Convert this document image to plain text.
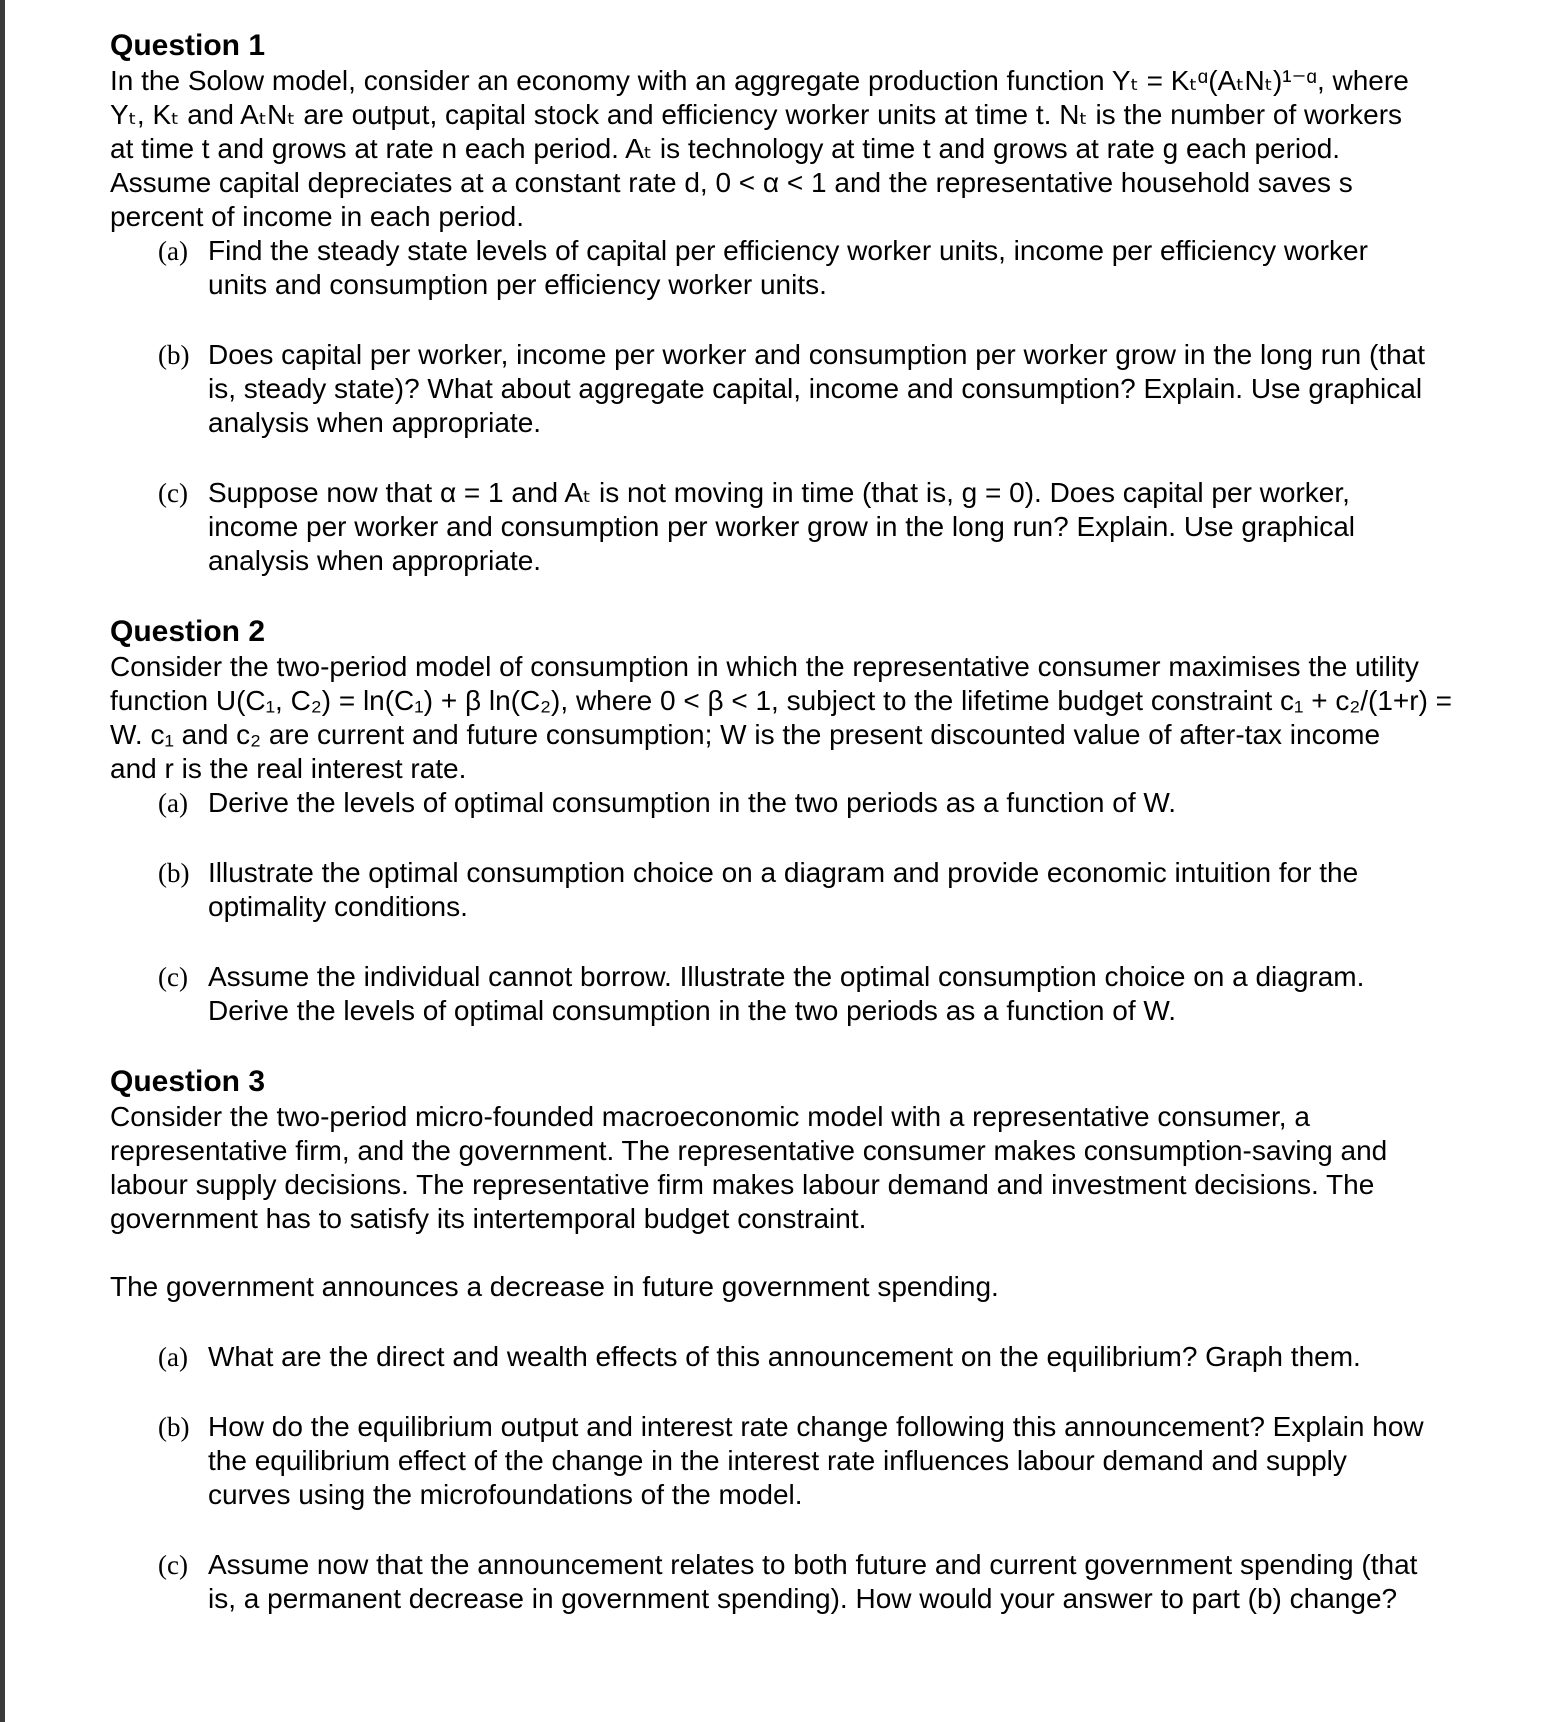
Question 1

In the Solow model, consider an economy with an aggregate production function Yₜ = Kₜᵅ(AₜNₜ)¹⁻ᵅ, where
Yₜ, Kₜ and AₜNₜ are output, capital stock and efficiency worker units at time t. Nₜ is the number of workers
at time t and grows at rate n each period. Aₜ is technology at time t and grows at rate g each period.
Assume capital depreciates at a constant rate d, 0 < α < 1 and the representative household saves s
percent of income in each period.

(a) Find the steady state levels of capital per efficiency worker units, income per efficiency worker
units and consumption per efficiency worker units.
(b) Does capital per worker, income per worker and consumption per worker grow in the long run (that
is, steady state)? What about aggregate capital, income and consumption? Explain. Use graphical
analysis when appropriate.
(c) Suppose now that α = 1 and Aₜ is not moving in time (that is, g = 0). Does capital per worker,
income per worker and consumption per worker grow in the long run? Explain. Use graphical
analysis when appropriate.
Question 2

Consider the two-period model of consumption in which the representative consumer maximises the utility
function U(C₁, C₂) = ln(C₁) + β ln(C₂), where 0 < β < 1, subject to the lifetime budget constraint c₁ + c₂/(1+r) =
W. c₁ and c₂ are current and future consumption; W is the present discounted value of after-tax income
and r is the real interest rate.

(a) Derive the levels of optimal consumption in the two periods as a function of W.
(b) Illustrate the optimal consumption choice on a diagram and provide economic intuition for the
optimality conditions.
(c) Assume the individual cannot borrow. Illustrate the optimal consumption choice on a diagram.
Derive the levels of optimal consumption in the two periods as a function of W.
Question 3

Consider the two-period micro-founded macroeconomic model with a representative consumer, a
representative firm, and the government. The representative consumer makes consumption-saving and
labour supply decisions. The representative firm makes labour demand and investment decisions. The
government has to satisfy its intertemporal budget constraint.

The government announces a decrease in future government spending.

(a) What are the direct and wealth effects of this announcement on the equilibrium? Graph them.
(b) How do the equilibrium output and interest rate change following this announcement? Explain how
the equilibrium effect of the change in the interest rate influences labour demand and supply
curves using the microfoundations of the model.
(c) Assume now that the announcement relates to both future and current government spending (that
is, a permanent decrease in government spending). How would your answer to part (b) change?
